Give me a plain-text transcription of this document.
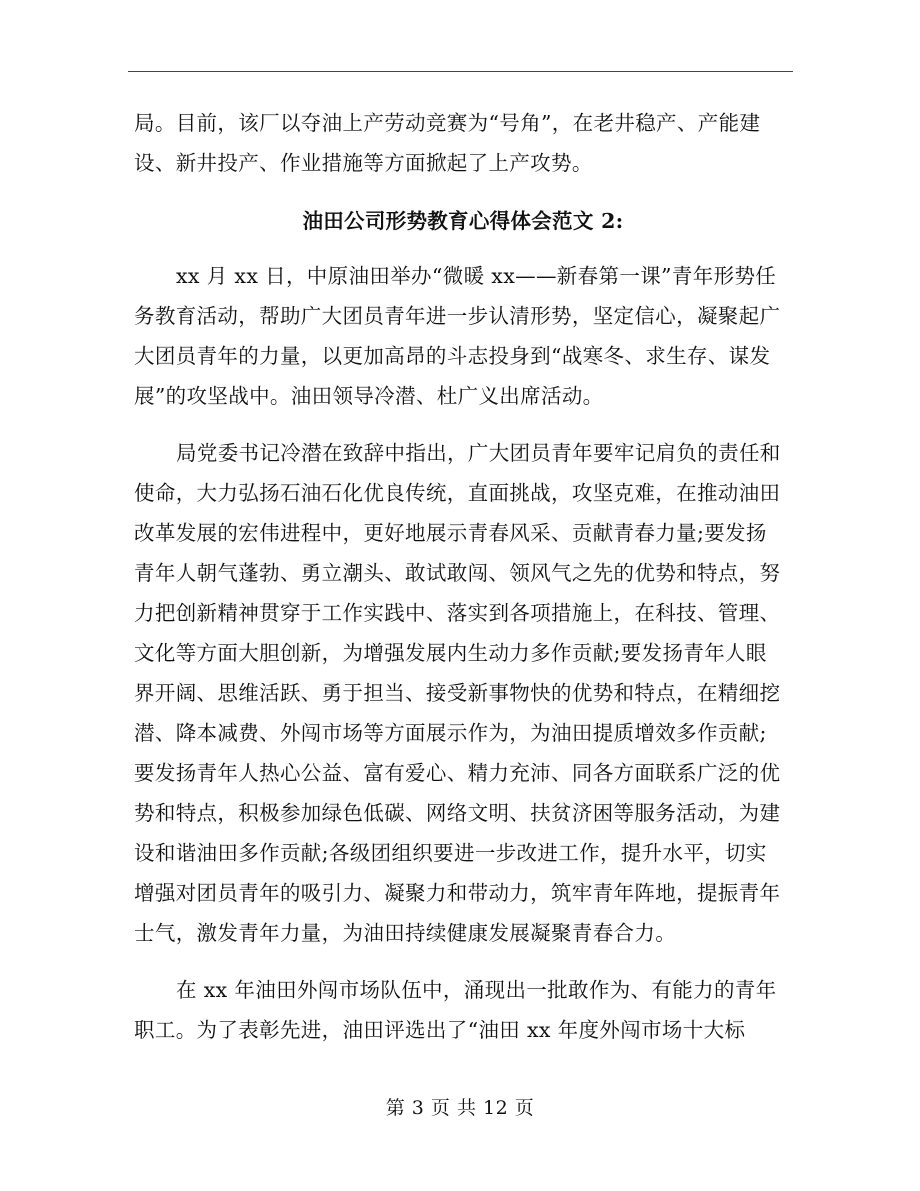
局。目前，该厂以夺油上产劳动竞赛为“号角”，在老井稳产、产能建
设、新井投产、作业措施等方面掀起了上产攻势。
油田公司形势教育心得体会范文 2:
xx 月 xx 日，中原油田举办“微暖 xx——新春第一课”青年形势任
务教育活动，帮助广大团员青年进一步认清形势，坚定信心，凝聚起广
大团员青年的力量，以更加高昂的斗志投身到“战寒冬、求生存、谋发
展”的攻坚战中。油田领导冷潜、杜广义出席活动。
局党委书记冷潜在致辞中指出，广大团员青年要牢记肩负的责任和
使命，大力弘扬石油石化优良传统，直面挑战，攻坚克难，在推动油田
改革发展的宏伟进程中，更好地展示青春风采、贡献青春力量;要发扬
青年人朝气蓬勃、勇立潮头、敢试敢闯、领风气之先的优势和特点，努
力把创新精神贯穿于工作实践中、落实到各项措施上，在科技、管理、
文化等方面大胆创新，为增强发展内生动力多作贡献;要发扬青年人眼
界开阔、思维活跃、勇于担当、接受新事物快的优势和特点，在精细挖
潜、降本减费、外闯市场等方面展示作为，为油田提质增效多作贡献;
要发扬青年人热心公益、富有爱心、精力充沛、同各方面联系广泛的优
势和特点，积极参加绿色低碳、网络文明、扶贫济困等服务活动，为建
设和谐油田多作贡献;各级团组织要进一步改进工作，提升水平，切实
增强对团员青年的吸引力、凝聚力和带动力，筑牢青年阵地，提振青年
士气，激发青年力量，为油田持续健康发展凝聚青春合力。
在 xx 年油田外闯市场队伍中，涌现出一批敢作为、有能力的青年
职工。为了表彰先进，油田评选出了“油田 xx 年度外闯市场十大标
第 3 页 共 12 页
